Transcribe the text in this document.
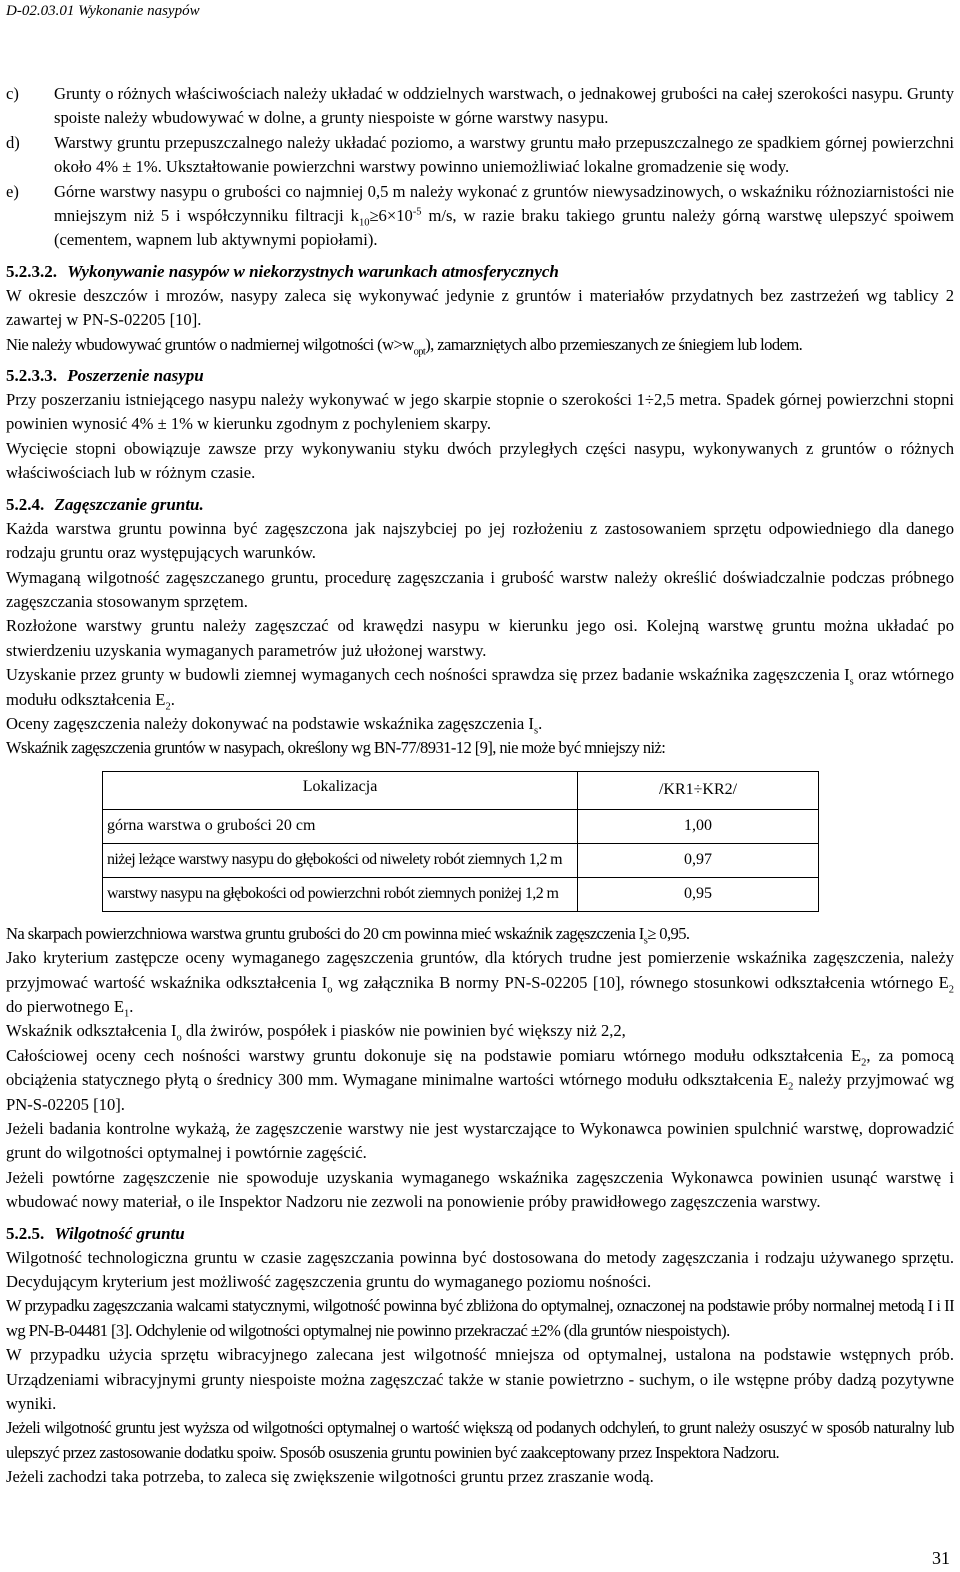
D-02.03.01 Wykonanie nasypów
c) Grunty o różnych właściwościach należy układać w oddzielnych warstwach, o jednakowej grubości na całej szerokości nasypu. Grunty spoiste należy wbudowywać w dolne, a grunty niespoiste w górne warstwy nasypu.
d) Warstwy gruntu przepuszczalnego należy układać poziomo, a warstwy gruntu mało przepuszczalnego ze spadkiem górnej powierzchni około 4% ± 1%. Ukształtowanie powierzchni warstwy powinno uniemożliwiać lokalne gromadzenie się wody.
e) Górne warstwy nasypu o grubości co najmniej 0,5 m należy wykonać z gruntów niewysadzinowych, o wskaźniku różnoziarnistości nie mniejszym niż 5 i współczynniku filtracji $k_{10}\ge 6\times 10^{-5}$ m/s, w razie braku takiego gruntu należy górną warstwę ulepszyć spoiwem (cementem, wapnem lub aktywnymi popiołami).
5.2.3.2. Wykonywanie nasypów w niekorzystnych warunkach atmosferycznych

W okresie deszczów i mrozów, nasypy zaleca się wykonywać jedynie z gruntów i materiałów przydatnych bez zastrzeżeń wg tablicy 2 zawartej w PN-S-02205 [10].

Nie należy wbudowywać gruntów o nadmiernej wilgotności $(w>w_{opt})$, zamarzniętych albo przemieszanych ze śniegiem lub lodem.

5.2.3.3. Poszerzenie nasypu

Przy poszerzaniu istniejącego nasypu należy wykonywać w jego skarpie stopnie o szerokości 1÷2,5 metra. Spadek górnej powierzchni stopni powinien wynosić 4% ± 1% w kierunku zgodnym z pochyleniem skarpy.

Wycięcie stopni obowiązuje zawsze przy wykonywaniu styku dwóch przyległych części nasypu, wykonywanych z gruntów o różnych właściwościach lub w różnym czasie.

5.2.4. Zagęszczanie gruntu.

Każda warstwa gruntu powinna być zagęszczona jak najszybciej po jej rozłożeniu z zastosowaniem sprzętu odpowiedniego dla danego rodzaju gruntu oraz występujących warunków.

Wymaganą wilgotność zagęszczanego gruntu, procedurę zagęszczania i grubość warstw należy określić doświadczalnie podczas próbnego zagęszczania stosowanym sprzętem.

Rozłożone warstwy gruntu należy zagęszczać od krawędzi nasypu w kierunku jego osi. Kolejną warstwę gruntu można układać po stwierdzeniu uzyskania wymaganych parametrów już ułożonej warstwy.

Uzyskanie przez grunty w budowli ziemnej wymaganych cech nośności sprawdza się przez badanie wskaźnika zagęszczenia $I_s$ oraz wtórnego modułu odkształcenia $E_2$.

Oceny zagęszczenia należy dokonywać na podstawie wskaźnika zagęszczenia $I_s$.

Wskaźnik zagęszczenia gruntów w nasypach, określony wg BN-77/8931-12 [9], nie może być mniejszy niż:

Lokalizacja	/KR1÷KR2/
górna warstwa o grubości 20 cm	1,00
niżej leżące warstwy nasypu do głębokości od niwelety robót ziemnych 1,2 m	0,97
warstwy nasypu na głębokości od powierzchni robót ziemnych poniżej 1,2 m	0,95

Na skarpach powierzchniowa warstwa gruntu grubości do 20 cm powinna mieć wskaźnik zagęszczenia $I_s\ge 0,95$.

Jako kryterium zastępcze oceny wymaganego zagęszczenia gruntów, dla których trudne jest pomierzenie wskaźnika zagęszczenia, należy przyjmować wartość wskaźnika odkształcenia $I_o$ wg załącznika B normy PN-S-02205 [10], równego stosunkowi odkształcenia wtórnego $E_2$ do pierwotnego $E_1$.

Wskaźnik odkształcenia $I_o$ dla żwirów, pospółek i piasków nie powinien być większy niż 2,2,

Całościowej oceny cech nośności warstwy gruntu dokonuje się na podstawie pomiaru wtórnego modułu odkształcenia $E_2$, za pomocą obciążenia statycznego płytą o średnicy 300 mm. Wymagane minimalne wartości wtórnego modułu odkształcenia $E_2$ należy przyjmować wg PN-S-02205 [10].

Jeżeli badania kontrolne wykażą, że zagęszczenie warstwy nie jest wystarczające to Wykonawca powinien spulchnić warstwę, doprowadzić grunt do wilgotności optymalnej i powtórnie zagęścić.

Jeżeli powtórne zagęszczenie nie spowoduje uzyskania wymaganego wskaźnika zagęszczenia Wykonawca powinien usunąć warstwę i wbudować nowy materiał, o ile Inspektor Nadzoru nie zezwoli na ponowienie próby prawidłowego zagęszczenia warstwy.

5.2.5. Wilgotność gruntu

Wilgotność technologiczna gruntu w czasie zagęszczania powinna być dostosowana do metody zagęszczania i rodzaju używanego sprzętu. Decydującym kryterium jest możliwość zagęszczenia gruntu do wymaganego poziomu nośności.

W przypadku zagęszczania walcami statycznymi, wilgotność powinna być zbliżona do optymalnej, oznaczonej na podstawie próby normalnej metodą I i II wg PN-B-04481 [3]. Odchylenie od wilgotności optymalnej nie powinno przekraczać ±2% (dla gruntów niespoistych).

W przypadku użycia sprzętu wibracyjnego zalecana jest wilgotność mniejsza od optymalnej, ustalona na podstawie wstępnych prób. Urządzeniami wibracyjnymi grunty niespoiste można zagęszczać także w stanie powietrzno - suchym, o ile wstępne próby dadzą pozytywne wyniki.

Jeżeli wilgotność gruntu jest wyższa od wilgotności optymalnej o wartość większą od podanych odchyleń, to grunt należy osuszyć w sposób naturalny lub ulepszyć przez zastosowanie dodatku spoiw. Sposób osuszenia gruntu powinien być zaakceptowany przez Inspektora Nadzoru.

Jeżeli zachodzi taka potrzeba, to zaleca się zwiększenie wilgotności gruntu przez zraszanie wodą.

31
